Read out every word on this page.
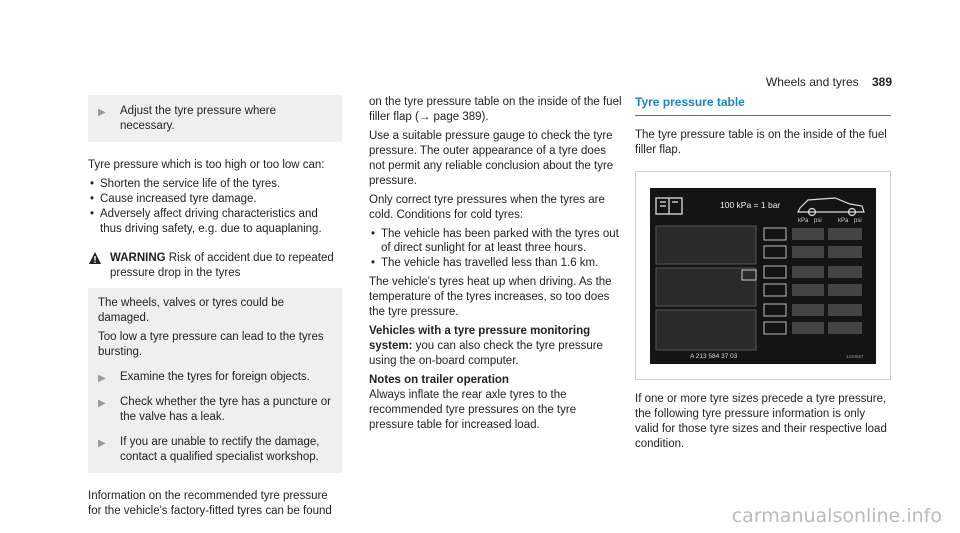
Wheels and tyres 389
▶	Adjust the tyre pressure where necessary.

Tyre pressure which is too high or too low can:

• Shorten the service life of the tyres.
• Cause increased tyre damage.
• Adversely affect driving characteristics and thus driving safety, e.g. due to aquaplaning.
WARNING Risk of accident due to repeated pressure drop in the tyres

The wheels, valves or tyres could be damaged.

Too low a tyre pressure can lead to the tyres bursting.

▶	Examine the tyres for foreign objects.
▶	Check whether the tyre has a puncture or the valve has a leak.
▶	If you are unable to rectify the damage, contact a qualified specialist workshop.

Information on the recommended tyre pressure for the vehicle's factory-fitted tyres can be found

on the tyre pressure table on the inside of the fuel filler flap (→ page 389).

Use a suitable pressure gauge to check the tyre pressure. The outer appearance of a tyre does not permit any reliable conclusion about the tyre pressure.

Only correct tyre pressures when the tyres are cold. Conditions for cold tyres:

• The vehicle has been parked with the tyres out of direct sunlight for at least three hours.
• The vehicle has travelled less than 1.6 km.

The vehicle's tyres heat up when driving. As the temperature of the tyres increases, so too does the tyre pressure.

Vehicles with a tyre pressure monitoring system: you can also check the tyre pressure using the on-board computer.

Notes on trailer operation

Always inflate the rear axle tyres to the recommended tyre pressures on the tyre pressure table for increased load.

Tyre pressure table

The tyre pressure table is on the inside of the fuel filler flap.

100 kPa = 1 bar
kPa psi	kPa psi
A 213 584 37 03	1234567

If one or more tyre sizes precede a tyre pressure, the following tyre pressure information is only valid for those tyre sizes and their respective load condition.

carmanualsonline.info
